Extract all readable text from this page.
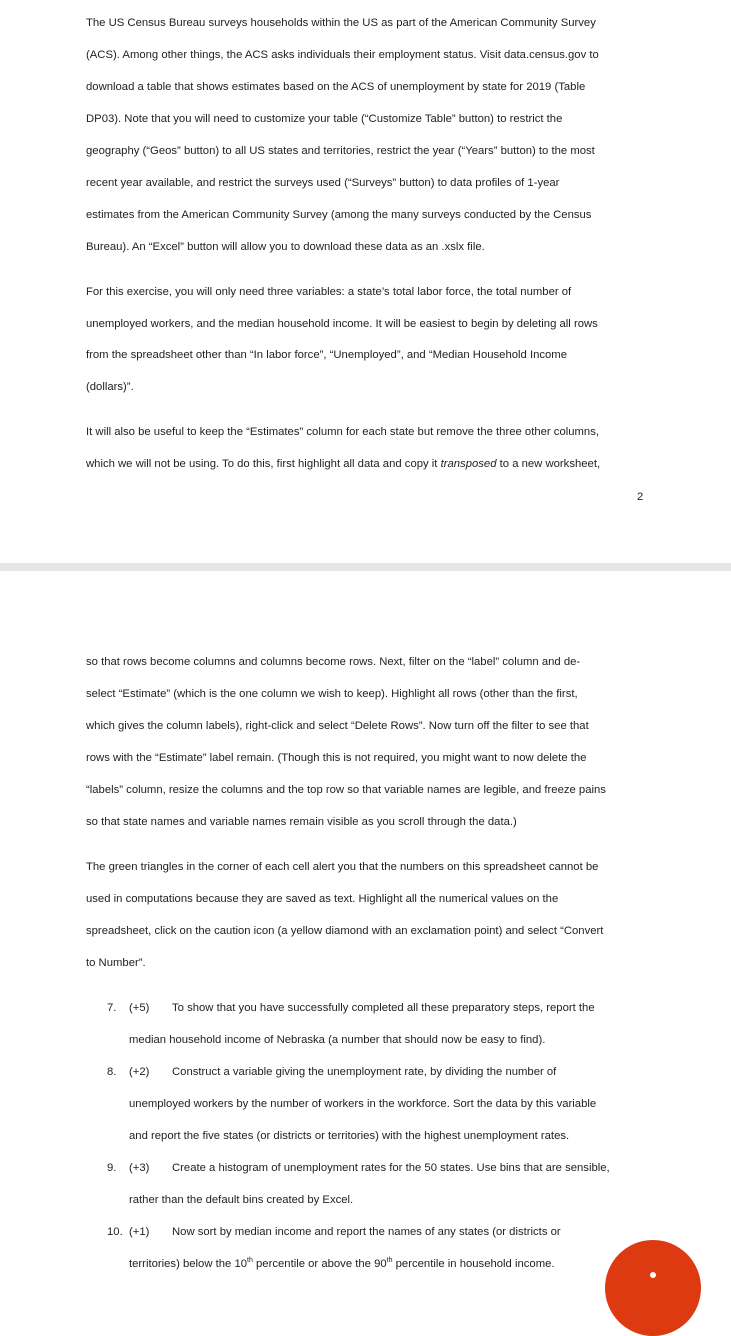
The US Census Bureau surveys households within the US as part of the American Community Survey
(ACS). Among other things, the ACS asks individuals their employment status. Visit data.census.gov to
download a table that shows estimates based on the ACS of unemployment by state for 2019 (Table
DP03). Note that you will need to customize your table (“Customize Table” button) to restrict the
geography (“Geos” button) to all US states and territories, restrict the year (“Years” button) to the most
recent year available, and restrict the surveys used (“Surveys” button) to data profiles of 1-year
estimates from the American Community Survey (among the many surveys conducted by the Census
Bureau). An “Excel” button will allow you to download these data as an .xslx file.
For this exercise, you will only need three variables: a state’s total labor force, the total number of
unemployed workers, and the median household income. It will be easiest to begin by deleting all rows
from the spreadsheet other than “In labor force”, “Unemployed”, and “Median Household Income
(dollars)”.
It will also be useful to keep the “Estimates” column for each state but remove the three other columns,
which we will not be using. To do this, first highlight all data and copy it transposed to a new worksheet,
2
so that rows become columns and columns become rows. Next, filter on the “label” column and de-
select “Estimate” (which is the one column we wish to keep). Highlight all rows (other than the first,
which gives the column labels), right-click and select “Delete Rows”. Now turn off the filter to see that
rows with the “Estimate” label remain. (Though this is not required, you might want to now delete the
“labels” column, resize the columns and the top row so that variable names are legible, and freeze pains
so that state names and variable names remain visible as you scroll through the data.)
The green triangles in the corner of each cell alert you that the numbers on this spreadsheet cannot be
used in computations because they are saved as text. Highlight all the numerical values on the
spreadsheet, click on the caution icon (a yellow diamond with an exclamation point) and select “Convert
to Number”.
7. (+5) To show that you have successfully completed all these preparatory steps, report the
median household income of Nebraska (a number that should now be easy to find).
8. (+2) Construct a variable giving the unemployment rate, by dividing the number of
unemployed workers by the number of workers in the workforce. Sort the data by this variable
and report the five states (or districts or territories) with the highest unemployment rates.
9. (+3) Create a histogram of unemployment rates for the 50 states. Use bins that are sensible,
rather than the default bins created by Excel.
10. (+1) Now sort by median income and report the names of any states (or districts or
territories) below the 10th percentile or above the 90th percentile in household income.
